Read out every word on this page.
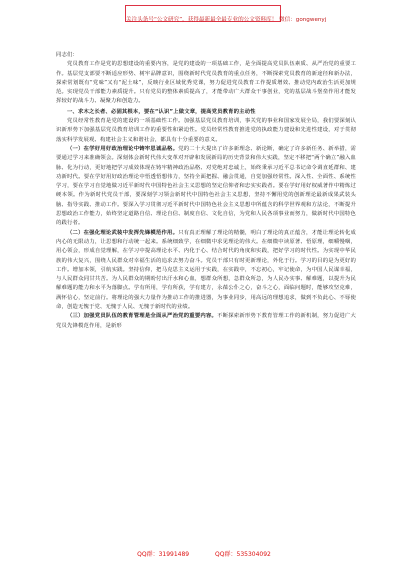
关注头条号“公文研究”，获得最新最全最专业的公文资料库！ 微信：gongwenyj

同志们：

党员教育工作是党的思想建设的重要内容，是党的建设的一项基础工作，是全面提高党员队伍素质、从严治党的重要工作。基层党支部要不断适应形势、树牢品牌意识，围绕新时代党员教育的重点任务，不断探索党员教育的新途径和新办法，探索常划既有“党味”又有“泥土味”，反映行业区域优秀党课，努力促进党员教育工作提质增效、推动党内政治生活更加规范。实现党员干部能力素质提升。只有党员的整体素质提高了，才能带动广大群众干事创业，党的基层战斗堡垒作用才能发挥较好的战斗力、凝聚力和创造力。

一、求木之长者、必固其根本，要在“认识”上做文章，提高党员教育的主动性

党员经常性教育是党的建设的一项基础性工作。加强基层党员教育培训，事关党的事业和国家发展全局，我们要深刻认识新形势下加强基层党员教育培训工作的重要性和紧迫性。党员经常性教育推进党的执政能力建设和先进性建设，对于贯彻落实科学发展观、构建社会主义和谐社会，都具有十分重要的意义。

（一）在学好用好政治理论中铸牢思诚品格。党的二十大提出了许多新理念、新论断，确定了许多新任务、新举措，需要通过学习来准确领会。深刻体会新时代伟大变革对开辟和发展新局的历史背景和伟大实践，坚定不移把“两个确立”融入血脉、化为行动，更好地把学习成效体现在铸牢精神政治品格、对党绝对忠诚上，始终秉承习近平总书记命令调直延群和、建功新时代。要在学好用好政治理论中悟透悟想伟力，坚持全面把握、融会贯通，自觉加强经常性。深入性、全面性、系统性学习，要在学习自觉地做习近平新时代中国特色社会主义思想的坚定信仰者和忠实实践者。要在学好用好权威著作中精炼过硬本领。作为新时代党员干部，要深刻学习领会新时代中国特色社会主义思想，坚持不懈用党的创新理论最新成果武装头脑、指导实践、推动工作。要深入学习贯彻习近平新时代中国特色社会主义思想中所蕴含的科学世界观和方法论，不断提升思想政治工作能力，始终坚定道路自信、理论自信、制度自信、文化自信，为党和人民各项事业而努力，做新时代中国特色的践行者。

（二）在强化理论武装中发挥先锋模范作用。只有真正理解了理论的精髓，明白了理论的真正蕴含，才能让理论转化成内心的无限动力，让思想和行动统一起来。系统细致学，在细微中求见理论的伟大。在细微中读原著、悟原理，细嚼慢咽，用心领会，形成自觉理解，在学习中提高理论水平、内化于心、结合时代的角度和实践，把好学习的时代性。为实现中华民族的伟大复兴，围绕人民群众对幸福生活的追求去努力奋斗。党员干部只有时更新理论，外化于行。学习的目的是为更好的工作。增加本领，引航实践。坚持信仰，把马克思主义运用于实践，在实践中，不忘初心，牢记使命，为中国人民谋幸福，与人民群众同甘共苦。为人民群众的期盼付出汗水和心血，想群众所想，急群众所急，为人民办实事、解难题，以提升为民解难题的能力和水平为落脚点。学有所用，学有所获，学有建方，永葆公仆之心，奋斗之心，面临问题时，能够攻坚克难，满怀信心，坚定前行。将理论的强大力量作为推动工作的推进器，为事业同步，用高远的理想追求，做到不负此心、不辱使命，创造无愧于党、无愧于人民、无愧于新时代的业绩。

（三）加强党员队伍的教育管理是全面从严治党的重要内容。不断探索新形势下教育管理工作的新机制，努力促进广大党员先锋模范作用，是新形

QQ群：31991489	QQ群：535304092
